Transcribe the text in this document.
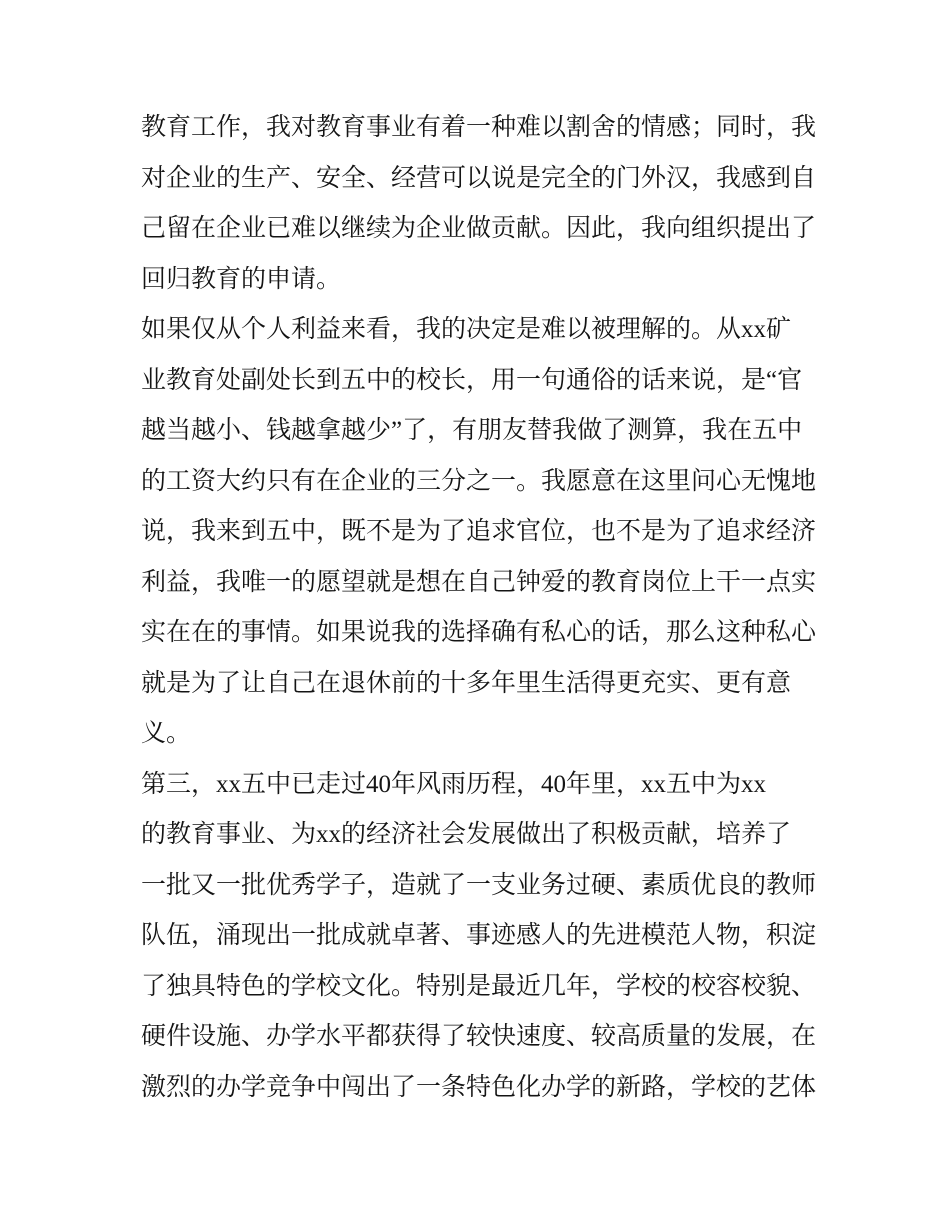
教育工作，我对教育事业有着一种难以割舍的情感；同时，我
对企业的生产、安全、经营可以说是完全的门外汉，我感到自
己留在企业已难以继续为企业做贡献。因此，我向组织提出了
回归教育的申请。
如果仅从个人利益来看，我的决定是难以被理解的。从xx矿
业教育处副处长到五中的校长，用一句通俗的话来说，是“官
越当越小、钱越拿越少”了，有朋友替我做了测算，我在五中
的工资大约只有在企业的三分之一。我愿意在这里问心无愧地
说，我来到五中，既不是为了追求官位，也不是为了追求经济
利益，我唯一的愿望就是想在自己钟爱的教育岗位上干一点实
实在在的事情。如果说我的选择确有私心的话，那么这种私心
就是为了让自己在退休前的十多年里生活得更充实、更有意
义。
第三，xx五中已走过40年风雨历程，40年里，xx五中为xx
的教育事业、为xx的经济社会发展做出了积极贡献，培养了
一批又一批优秀学子，造就了一支业务过硬、素质优良的教师
队伍，涌现出一批成就卓著、事迹感人的先进模范人物，积淀
了独具特色的学校文化。特别是最近几年，学校的校容校貌、
硬件设施、办学水平都获得了较快速度、较高质量的发展，在
激烈的办学竞争中闯出了一条特色化办学的新路，学校的艺体
